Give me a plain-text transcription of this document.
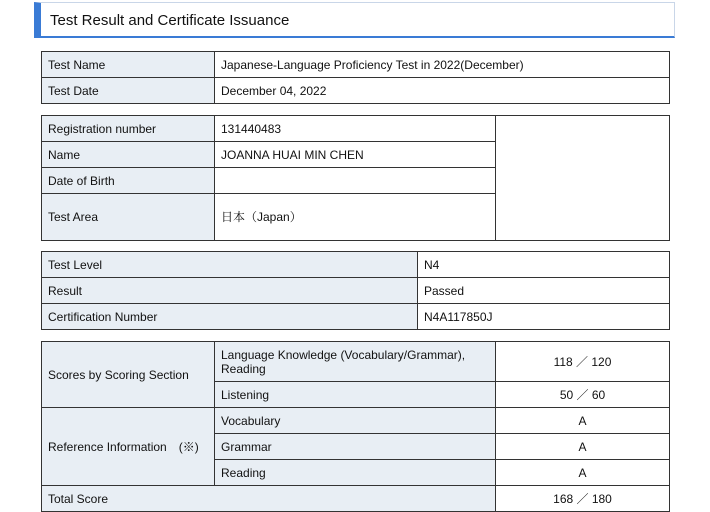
Test Result and Certificate Issuance
Test Name	Japanese-Language Proficiency Test in 2022(December)
Test Date	December 04, 2022
Registration number	131440483	
Name	JOANNA HUAI MIN CHEN	
Date of Birth		
Test Area	日本（Japan）	
Test Level	N4
Result	Passed
Certification Number	N4A117850J
Scores by Scoring Section	Language Knowledge (Vocabulary/Grammar), Reading	118 ／ 120
	Listening	50 ／ 60
Reference Information　(※)	Vocabulary	A
	Grammar	A
	Reading	A
Total Score		168 ／ 180
